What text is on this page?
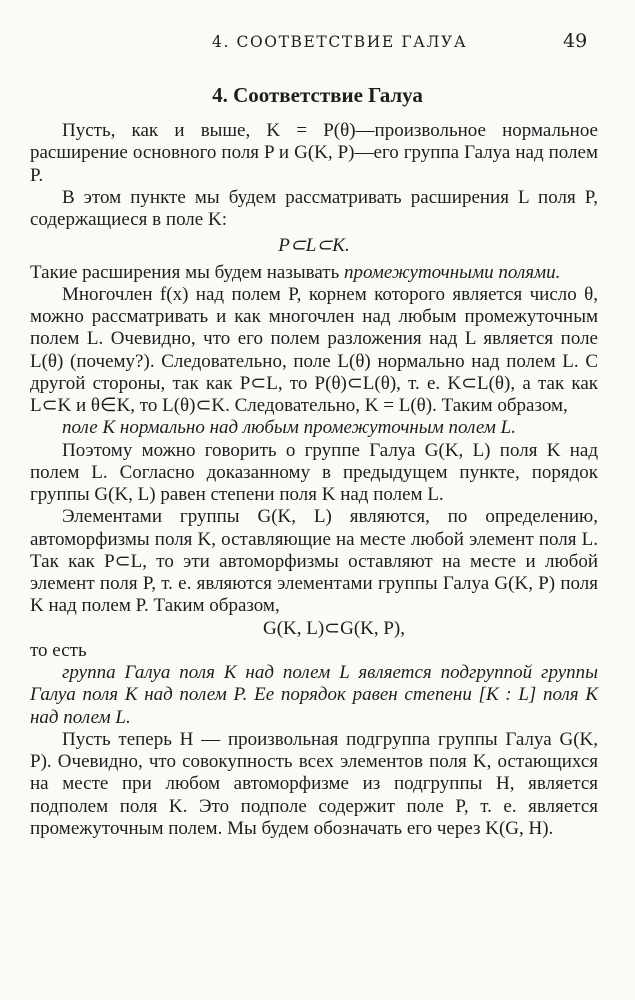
4. СООТВЕТСТВИЕ ГАЛУА	49
4. Соответствие Галуа

Пусть, как и выше, K = P(θ)—произвольное нормальное расширение основного поля P и G(K, P)—его группа Галуа над полем P.

В этом пункте мы будем рассматривать расширения L поля P, содержащиеся в поле K:

P⊂L⊂K.

Такие расширения мы будем называть промежуточными полями.

Многочлен f(x) над полем P, корнем которого является число θ, можно рассматривать и как многочлен над любым промежуточным полем L. Очевидно, что его полем разложения над L является поле L(θ) (почему?). Следовательно, поле L(θ) нормально над полем L. С другой стороны, так как P⊂L, то P(θ)⊂L(θ), т. е. K⊂L(θ), а так как L⊂K и θ∈K, то L(θ)⊂K. Следовательно, K = L(θ). Таким образом,

поле K нормально над любым промежуточным полем L.

Поэтому можно говорить о группе Галуа G(K, L) поля K над полем L. Согласно доказанному в предыдущем пункте, порядок группы G(K, L) равен степени поля K над полем L.

Элементами группы G(K, L) являются, по определению, автоморфизмы поля K, оставляющие на месте любой элемент поля L. Так как P⊂L, то эти автоморфизмы оставляют на месте и любой элемент поля P, т. е. являются элементами группы Галуа G(K, P) поля K над полем P. Таким образом,

G(K, L)⊂G(K, P),

то есть

группа Галуа поля K над полем L является подгруппой группы Галуа поля K над полем P. Ее порядок равен степени [K : L] поля K над полем L.

Пусть теперь H — произвольная подгруппа группы Галуа G(K, P). Очевидно, что совокупность всех элементов поля K, остающихся на месте при любом автоморфизме из подгруппы H, является подполем поля K. Это подполе содержит поле P, т. е. является промежуточным полем. Мы будем обозначать его через K(G, H).
